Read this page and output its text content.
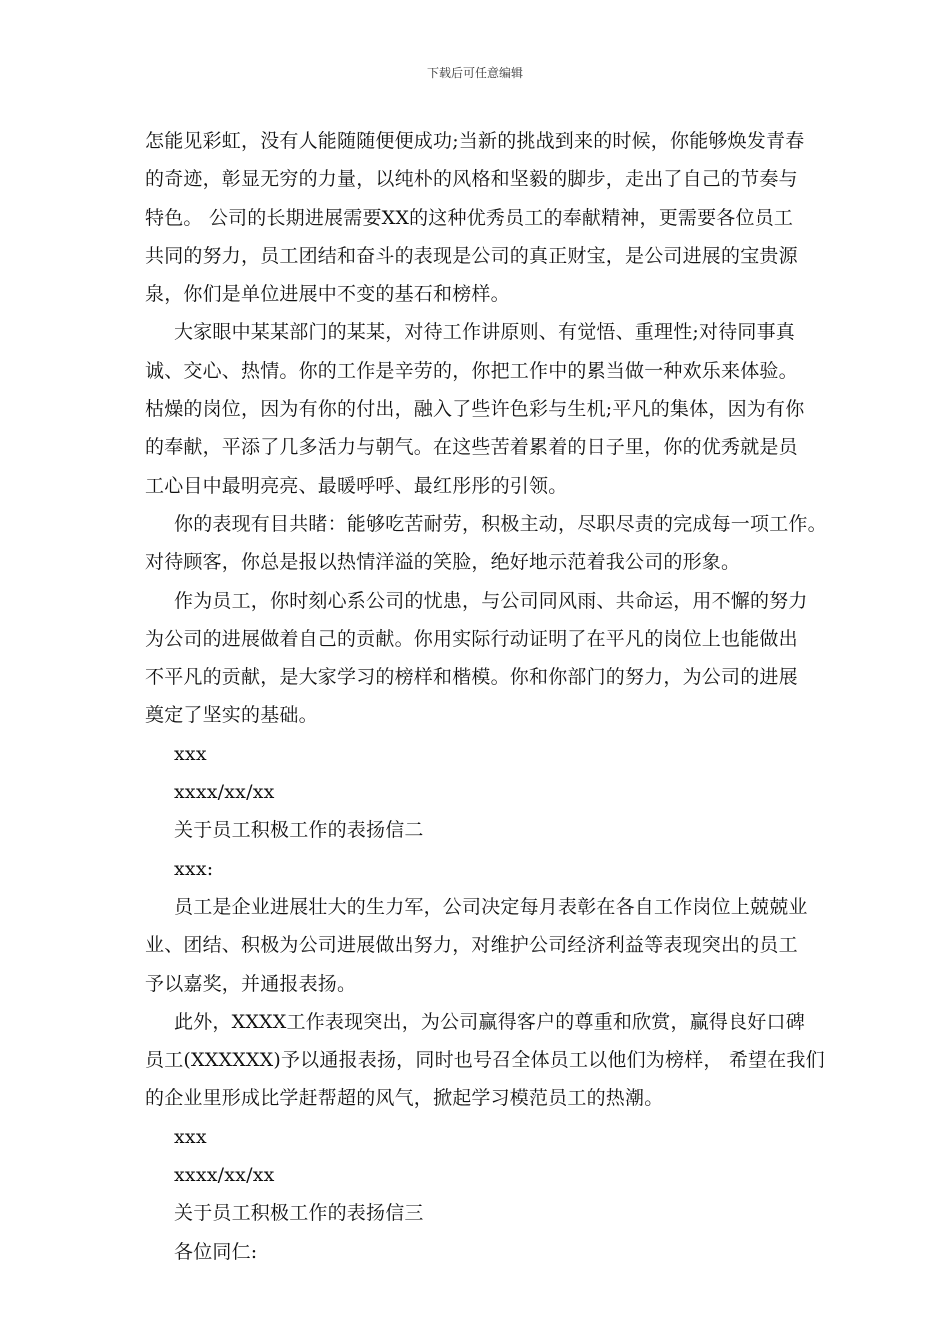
下载后可任意编辑
怎能见彩虹，没有人能随随便便成功;当新的挑战到来的时候，你能够焕发青春
的奇迹，彰显无穷的力量，以纯朴的风格和坚毅的脚步，走出了自己的节奏与
特色。 公司的长期进展需要XX的这种优秀员工的奉献精神，更需要各位员工
共同的努力，员工团结和奋斗的表现是公司的真正财宝，是公司进展的宝贵源
泉，你们是单位进展中不变的基石和榜样。
大家眼中某某部门的某某，对待工作讲原则、有觉悟、重理性;对待同事真
诚、交心、热情。你的工作是辛劳的，你把工作中的累当做一种欢乐来体验。
枯燥的岗位，因为有你的付出，融入了些许色彩与生机;平凡的集体，因为有你
的奉献，平添了几多活力与朝气。在这些苦着累着的日子里，你的优秀就是员
工心目中最明亮亮、最暖呼呼、最红彤彤的引领。
你的表现有目共睹：能够吃苦耐劳，积极主动，尽职尽责的完成每一项工作。
对待顾客，你总是报以热情洋溢的笑脸，绝好地示范着我公司的形象。
作为员工，你时刻心系公司的忧患，与公司同风雨、共命运，用不懈的努力
为公司的进展做着自己的贡献。你用实际行动证明了在平凡的岗位上也能做出
不平凡的贡献，是大家学习的榜样和楷模。你和你部门的努力，为公司的进展
奠定了坚实的基础。
xxx
xxxx/xx/xx
关于员工积极工作的表扬信二
xxx:
员工是企业进展壮大的生力军，公司决定每月表彰在各自工作岗位上兢兢业
业、团结、积极为公司进展做出努力，对维护公司经济利益等表现突出的员工
予以嘉奖，并通报表扬。
此外，XXXX工作表现突出，为公司赢得客户的尊重和欣赏，赢得良好口碑
员工(XXXXXX)予以通报表扬，同时也号召全体员工以他们为榜样， 希望在我们
的企业里形成比学赶帮超的风气，掀起学习模范员工的热潮。
xxx
xxxx/xx/xx
关于员工积极工作的表扬信三
各位同仁:
